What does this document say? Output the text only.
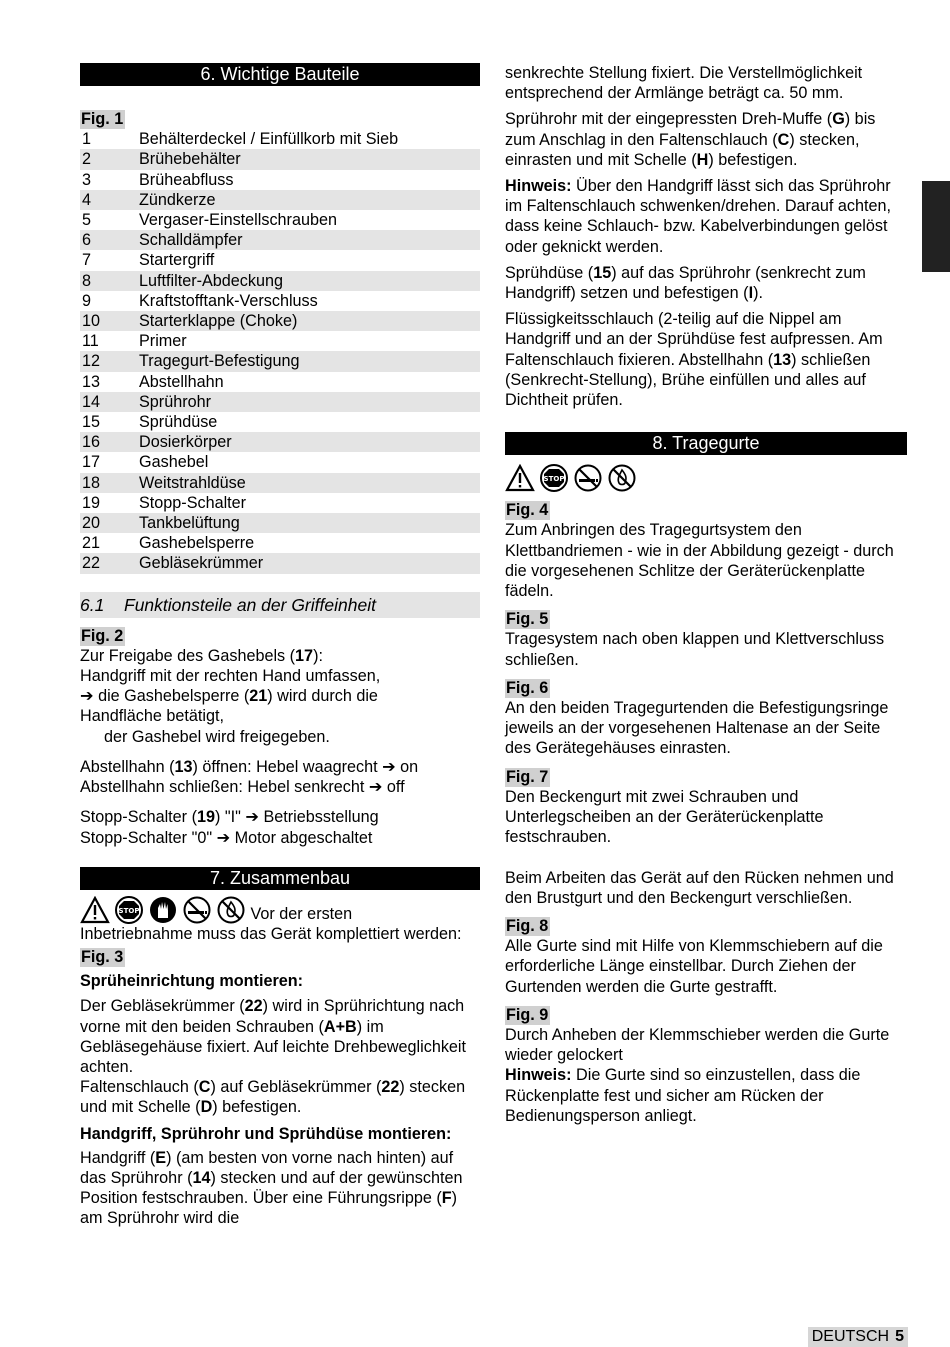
6. Wichtige Bauteile
Fig. 1
1	Behälterdeckel / Einfüllkorb mit Sieb
2	Brühebehälter
3	Brüheabfluss
4	Zündkerze
5	Vergaser-Einstellschrauben
6	Schalldämpfer
7	Startergriff
8	Luftfilter-Abdeckung
9	Kraftstofftank-Verschluss
10	Starterklappe (Choke)
11	Primer
12	Tragegurt-Befestigung
13	Abstellhahn
14	Sprührohr
15	Sprühdüse
16	Dosierkörper
17	Gashebel
18	Weitstrahldüse
19	Stopp-Schalter
20	Tankbelüftung
21	Gashebelsperre
22	Gebläsekrümmer
6.1 Funktionsteile an der Griffeinheit
Fig. 2

Zur Freigabe des Gashebels (17):
Handgriff mit der rechten Hand umfassen,
➔ die Gashebelsperre (21) wird durch die
Handfläche betätigt,

der Gashebel wird freigegeben.

Abstellhahn (13) öffnen: Hebel waagrecht ➔ on
Abstellhahn schließen: Hebel senkrecht ➔ off

Stopp-Schalter (19) "I" ➔ Betriebsstellung
Stopp-Schalter "0" ➔ Motor abgeschaltet

7. Zusammenbau
STOP	Vor der ersten
Inbetriebnahme muss das Gerät komplettiert werden:
Fig. 3

Sprüheinrichtung montieren:

Der Gebläsekrümmer (22) wird in Sprührichtung nach vorne mit den beiden Schrauben (A+B) im Gebläsegehäuse fixiert. Auf leichte Drehbeweglichkeit achten.

Faltenschlauch (C) auf Gebläsekrümmer (22) stecken und mit Schelle (D) befestigen.

Handgriff, Sprührohr und Sprühdüse montieren:

Handgriff (E) (am besten von vorne nach hinten) auf das Sprührohr (14) stecken und auf der gewünschten Position festschrauben. Über eine Führungsrippe (F) am Sprührohr wird die

senkrechte Stellung fixiert. Die Verstellmöglichkeit entsprechend der Armlänge beträgt ca. 50 mm.

Sprührohr mit der eingepressten Dreh-Muffe (G) bis zum Anschlag in den Faltenschlauch (C) stecken, einrasten und mit Schelle (H) befestigen.

Hinweis: Über den Handgriff lässt sich das Sprührohr im Faltenschlauch schwenken/drehen. Darauf achten, dass keine Schlauch- bzw. Kabelverbindungen gelöst oder geknickt werden.

Sprühdüse (15) auf das Sprührohr (senkrecht zum Handgriff) setzen und befestigen (I).

Flüssigkeitsschlauch (2-teilig auf die Nippel am Handgriff und an der Sprühdüse fest aufpressen. Am Faltenschlauch fixieren. Abstellhahn (13) schließen (Senkrecht-Stellung), Brühe einfüllen und alles auf Dichtheit prüfen.

8. Tragegurte
STOP
Fig. 4

Zum Anbringen des Tragegurtsystem den Klettbandriemen - wie in der Abbildung gezeigt - durch die vorgesehenen Schlitze der Geräterückenplatte fädeln.

Fig. 5

Tragesystem nach oben klappen und Klettverschluss schließen.

Fig. 6

An den beiden Tragegurtenden die Befestigungsringe jeweils an der vorgesehenen Haltenase an der Seite des Gerätegehäuses einrasten.

Fig. 7

Den Beckengurt mit zwei Schrauben und Unterlegscheiben an der Geräterückenplatte festschrauben.

Beim Arbeiten das Gerät auf den Rücken nehmen und den Brustgurt und den Beckengurt verschließen.

Fig. 8

Alle Gurte sind mit Hilfe von Klemmschiebern auf die erforderliche Länge einstellbar. Durch Ziehen der Gurtenden werden die Gurte gestrafft.

Fig. 9

Durch Anheben der Klemmschieber werden die Gurte wieder gelockert

Hinweis: Die Gurte sind so einzustellen, dass die Rückenplatte fest und sicher am Rücken der Bedienungsperson anliegt.

DEUTSCH 5
